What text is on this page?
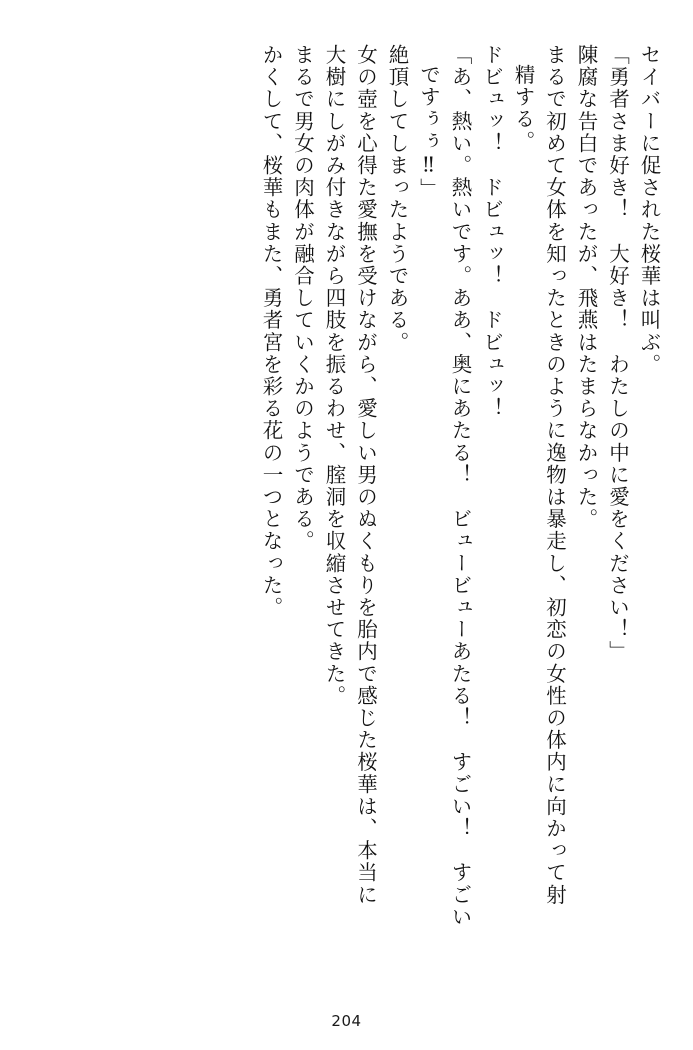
セイバーに促された桜華は叫ぶ。
「勇者さま好き！　大好き！　わたしの中に愛をください！」
陳腐な告白であったが、飛燕はたまらなかった。
まるで初めて女体を知ったときのように逸物は暴走し、初恋の女性の体内に向かって射
精する。
ドビュッ！　ドビュッ！　ドビュッ！
「あ、熱い。熱いです。ああ、奥にあたる！　ビュービューあたる！　すごい！　すごい
ですぅぅ‼」
絶頂してしまったようである。
女の壺を心得た愛撫を受けながら、愛しい男のぬくもりを胎内で感じた桜華は、本当に
大樹にしがみ付きながら四肢を振るわせ、腟洞を収縮させてきた。
まるで男女の肉体が融合していくかのようである。
かくして、桜華もまた、勇者宮を彩る花の一つとなった。
204
